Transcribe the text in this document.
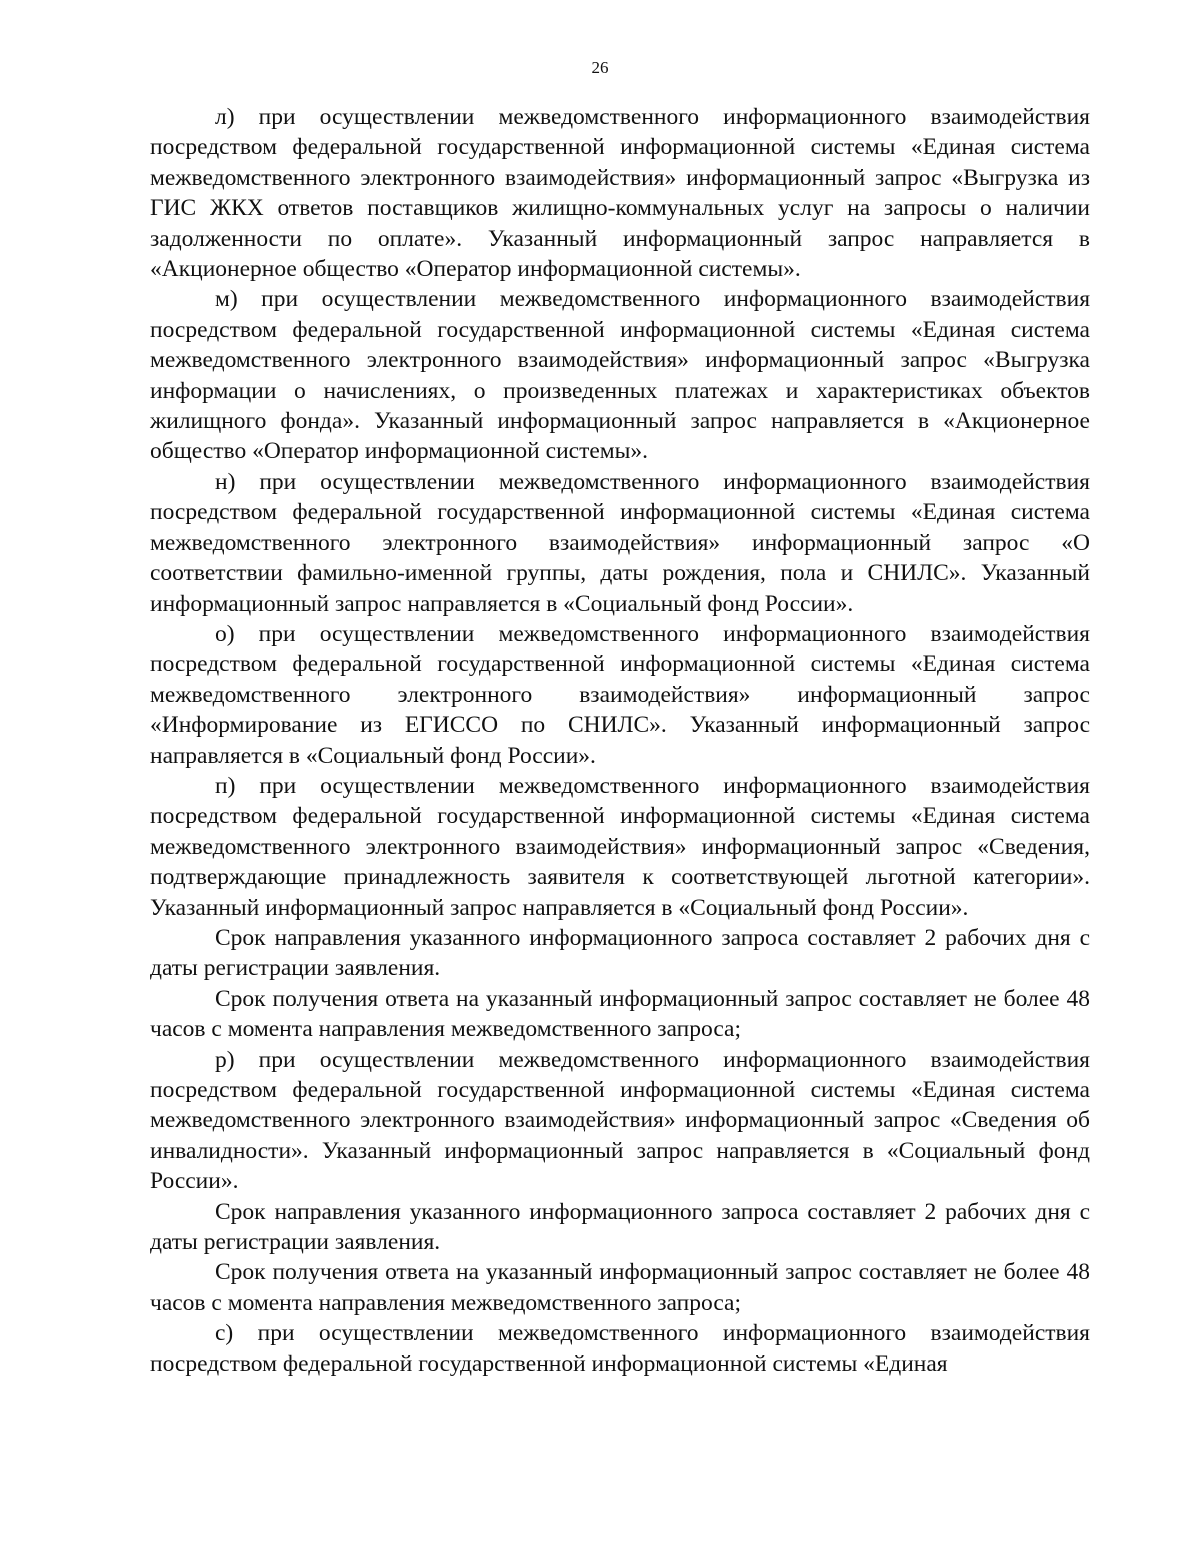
26

л) при осуществлении межведомственного информационного взаимодействия посредством федеральной государственной информационной системы «Единая система межведомственного электронного взаимодействия» информационный запрос «Выгрузка из ГИС ЖКХ ответов поставщиков жилищно-коммунальных услуг на запросы о наличии задолженности по оплате». Указанный информационный запрос направляется в «Акционерное общество «Оператор информационной системы».

м) при осуществлении межведомственного информационного взаимодействия посредством федеральной государственной информационной системы «Единая система межведомственного электронного взаимодействия» информационный запрос «Выгрузка информации о начислениях, о произведенных платежах и характеристиках объектов жилищного фонда». Указанный информационный запрос направляется в «Акционерное общество «Оператор информационной системы».

н) при осуществлении межведомственного информационного взаимодействия посредством федеральной государственной информационной системы «Единая система межведомственного электронного взаимодействия» информационный запрос «О соответствии фамильно-именной группы, даты рождения, пола и СНИЛС». Указанный информационный запрос направляется в «Социальный фонд России».

о) при осуществлении межведомственного информационного взаимодействия посредством федеральной государственной информационной системы «Единая система межведомственного электронного взаимодействия» информационный запрос «Информирование из ЕГИССО по СНИЛС». Указанный информационный запрос направляется в «Социальный фонд России».

п) при осуществлении межведомственного информационного взаимодействия посредством федеральной государственной информационной системы «Единая система межведомственного электронного взаимодействия» информационный запрос «Сведения, подтверждающие принадлежность заявителя к соответствующей льготной категории». Указанный информационный запрос направляется в «Социальный фонд России».

Срок направления указанного информационного запроса составляет 2 рабочих дня с даты регистрации заявления.

Срок получения ответа на указанный информационный запрос составляет не более 48 часов с момента направления межведомственного запроса;

р) при осуществлении межведомственного информационного взаимодействия посредством федеральной государственной информационной системы «Единая система межведомственного электронного взаимодействия» информационный запрос «Сведения об инвалидности». Указанный информационный запрос направляется в «Социальный фонд России».

Срок направления указанного информационного запроса составляет 2 рабочих дня с даты регистрации заявления.

Срок получения ответа на указанный информационный запрос составляет не более 48 часов с момента направления межведомственного запроса;

с) при осуществлении межведомственного информационного взаимодействия посредством федеральной государственной информационной системы «Единая
